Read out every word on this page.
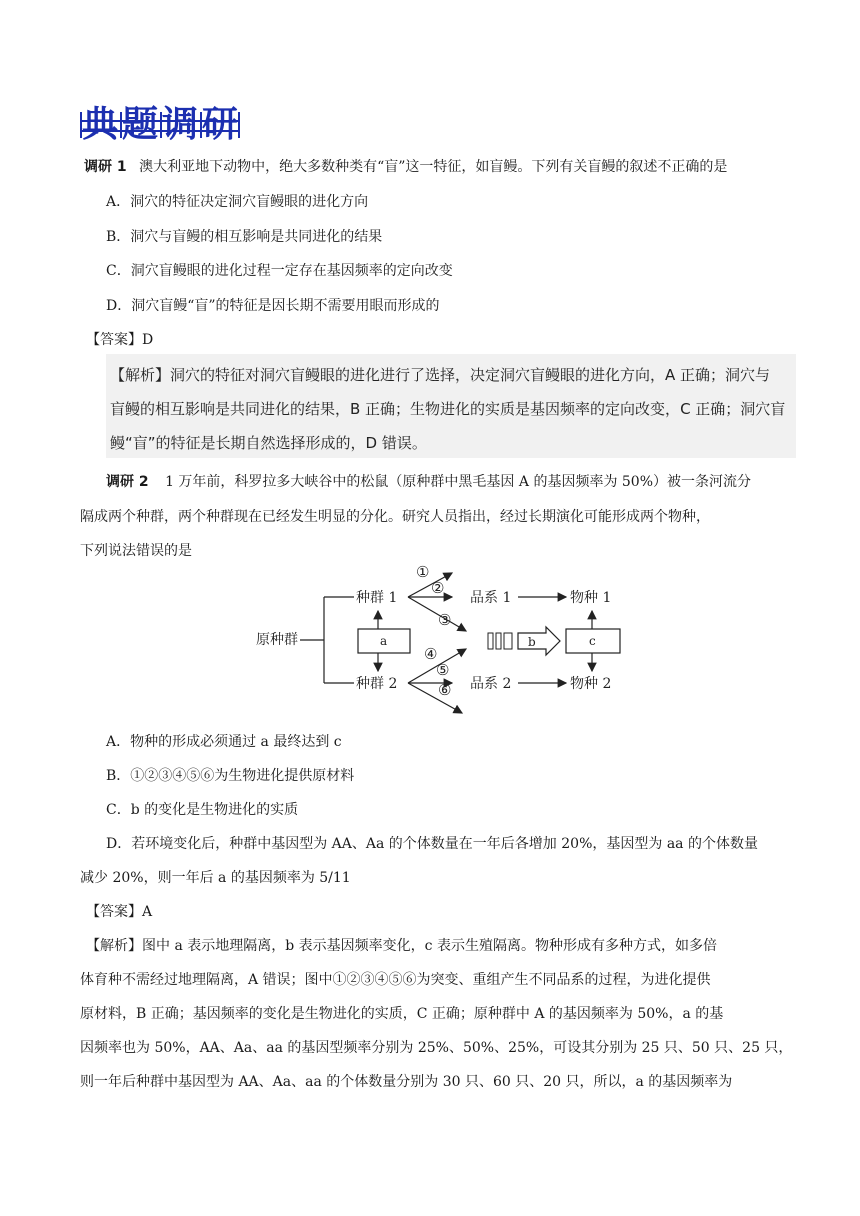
典题调研
调研 1 澳大利亚地下动物中，绝大多数种类有“盲”这一特征，如盲鳗。下列有关盲鳗的叙述不正确的是
A．洞穴的特征决定洞穴盲鳗眼的进化方向
B．洞穴与盲鳗的相互影响是共同进化的结果
C．洞穴盲鳗眼的进化过程一定存在基因频率的定向改变
D．洞穴盲鳗“盲”的特征是因长期不需要用眼而形成的
【答案】D
【解析】洞穴的特征对洞穴盲鳗眼的进化进行了选择，决定洞穴盲鳗眼的进化方向，A 正确；洞穴与
盲鳗的相互影响是共同进化的结果，B 正确；生物进化的实质是基因频率的定向改变，C 正确；洞穴盲
鳗“盲”的特征是长期自然选择形成的，D 错误。
调研 2 1 万年前，科罗拉多大峡谷中的松鼠（原种群中黑毛基因 A 的基因频率为 50%）被一条河流分
隔成两个种群，两个种群现在已经发生明显的分化。研究人员指出，经过长期演化可能形成两个物种，
下列说法错误的是
原种群
种群 1
种群 2
a
①
②
③
④
⑤
⑥
品系 1
品系 2
物种 1
物种 2
b	c
A．物种的形成必须通过 a 最终达到 c
B．①②③④⑤⑥为生物进化提供原材料
C．b 的变化是生物进化的实质
D．若环境变化后，种群中基因型为 AA、Aa 的个体数量在一年后各增加 20%，基因型为 aa 的个体数量
减少 20%，则一年后 a 的基因频率为 5/11
【答案】A
【解析】图中 a 表示地理隔离，b 表示基因频率变化，c 表示生殖隔离。物种形成有多种方式，如多倍
体育种不需经过地理隔离，A 错误；图中①②③④⑤⑥为突变、重组产生不同品系的过程，为进化提供
原材料，B 正确；基因频率的变化是生物进化的实质，C 正确；原种群中 A 的基因频率为 50%，a 的基
因频率也为 50%，AA、Aa、aa 的基因型频率分别为 25%、50%、25%，可设其分别为 25 只、50 只、25 只，
则一年后种群中基因型为 AA、Aa、aa 的个体数量分别为 30 只、60 只、20 只，所以，a 的基因频率为
